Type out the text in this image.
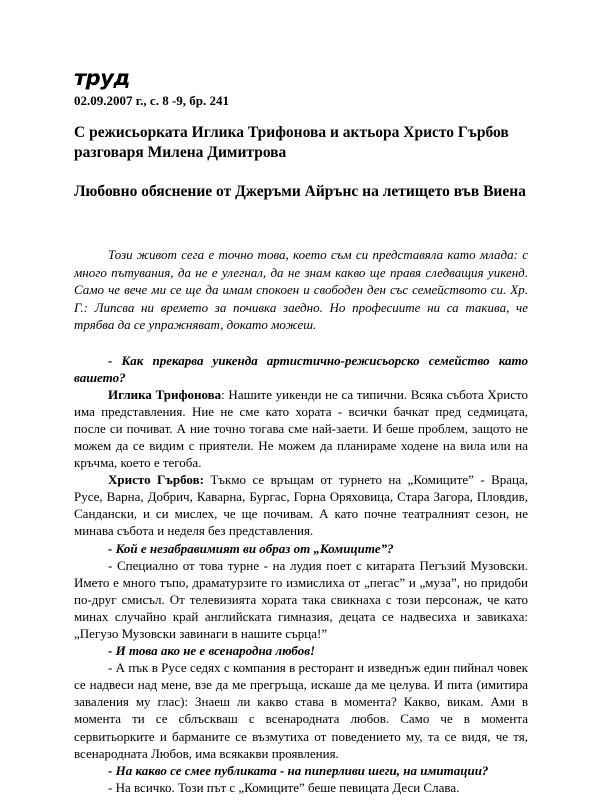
труд

02.09.2007 г., с. 8 -9, бр. 241

С режисьорката Иглика Трифонова и актьора Христо Гърбов разговаря Милена Димитрова

Любовно обяснение от Джеръми Айрънс на летището във Виена

Този живот сега е точно това, което съм си представяла като млада: с много пътувания, да не е улегнал, да не знам какво ще правя следващия уикенд. Само че вече ми се ще да имам спокоен и свободен ден със семейството си. Хр. Г.: Липсва ни времето за почивка заедно. Но професиите ни са такива, че трябва да се упражняват, докато можеш.

- Как прекарва уикенда артистично-режисьорско семейство като вашето?

Иглика Трифонова: Нашите уикенди не са типични. Всяка събота Христо има представления. Ние не сме като хората - всички бачкат пред седмицата, после си почиват. А ние точно тогава сме най-заети. И беше проблем, защото не можем да се видим с приятели. Не можем да планираме ходене на вила или на кръчма, което е тегоба.

Христо Гърбов: Тъкмо се връщам от турнето на „Комиците” - Враца, Русе, Варна, Добрич, Каварна, Бургас, Горна Оряховица, Стара Загора, Пловдив, Сандански, и си мислех, че ще почивам. А като почне театралният сезон, не минава събота и неделя без представления.

- Кой е незабравимият ви образ от „Комиците”?

- Специално от това турне - на лудия поет с китарата Пегъзий Музовски. Името е много тъпо, драматурзите го измислиха от „пегас” и „муза”, но придоби по-друг смисъл. От телевизията хората така свикнаха с този персонаж, че като минах случайно край английската гимназия, децата се надвесиха и завикаха: „Пегузо Музовски завинаги в нашите сърца!”

- И това ако не е всенародна любов!

- А пък в Русе седях с компания в ресторант и изведнъж един пийнал човек се надвеси над мене, взе да ме прегръща, искаше да ме целува. И пита (имитира заваления му глас): Знаеш ли какво става в момента? Какво, викам. Ами в момента ти се сблъскваш с всенародната любов. Само че в момента сервитьорките и барманите се възмутиха от поведението му, та се видя, че тя, всенародната Любов, има всякакви проявления.

- На какво се смее публиката - на пиперливи шеги, на имитации?

- На всичко. Този път с „Комиците” беше певицата Деси Слава.
